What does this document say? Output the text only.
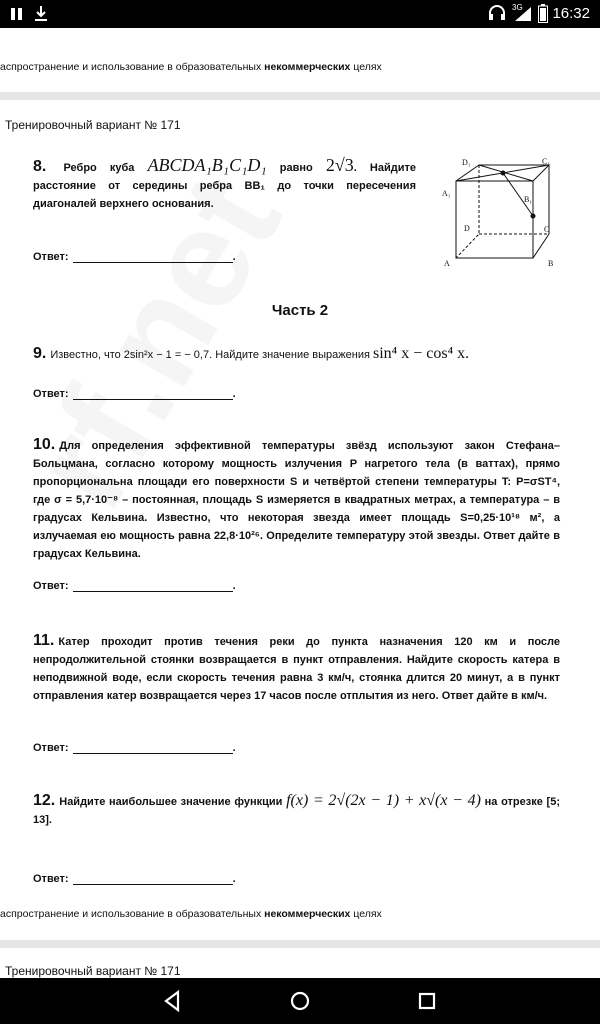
3G 16:32
аспространение и использование в образовательных некоммерческих целях
Тренировочный вариант № 171
8. Ребро куба ABCDA₁B₁C₁D₁ равно 2√3. Найдите расстояние от середины ребра BB₁ до точки пересечения диагоналей верхнего основания.
D₁	C₁
A₁
B₁
D	C
A	B
Ответ:	.
Часть 2
9. Известно, что 2sin²x − 1 = − 0,7. Найдите значение выражения sin⁴ x − cos⁴ x.
Ответ:	.
10. Для определения эффективной температуры звёзд используют закон Стефана–Больцмана, согласно которому мощность излучения P нагретого тела (в ваттах), прямо пропорциональна площади его поверхности S и четвёртой степени температуры T: P=σST⁴, где σ = 5,7·10⁻⁸ – постоянная, площадь S измеряется в квадратных метрах, а температура – в градусах Кельвина. Известно, что некоторая звезда имеет площадь S=0,25·10¹⁸ м², а излучаемая ею мощность равна 22,8·10²⁶. Определите температуру этой звезды. Ответ дайте в градусах Кельвина.
Ответ:	.
11. Катер проходит против течения реки до пункта назначения 120 км и после непродолжительной стоянки возвращается в пункт отправления. Найдите скорость катера в неподвижной воде, если скорость течения равна 3 км/ч, стоянка длится 20 минут, а в пункт отправления катер возвращается через 17 часов после отплытия из него. Ответ дайте в км/ч.
Ответ:	.
12. Найдите наибольшее значение функции f(x) = 2√(2x − 1) + x√(x − 4) на отрезке [5; 13].
Ответ:	.
аспространение и использование в образовательных некоммерческих целях
Тренировочный вариант № 171
